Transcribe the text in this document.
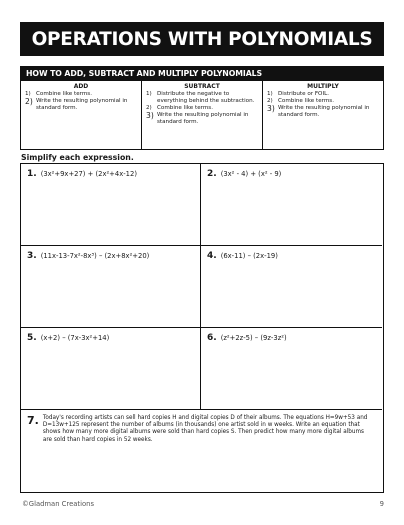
OPERATIONS WITH POLYNOMIALS
HOW TO ADD, SUBTRACT AND MULTIPLY POLYNOMIALS
ADD
1) Combine like terms.
2) Write the resulting polynomial in standard form.
SUBTRACT
1) Distribute the negative to everything behind the subtraction.
2) Combine like terms.
3) Write the resulting polynomial in standard form.
MULTIPLY
1) Distribute or FOIL.
2) Combine like terms.
3) Write the resulting polynomial in standard form.
Simplify each expression.
1. (3x²+9x+27) + (2x²+4x-12)	2. (3x² - 4) + (x² - 9)
3. (11x-13-7x²-8x³) – (2x+8x²+20)	4. (6x-11) – (2x-19)
5. (x+2) – (7x-3x²+14)	6. (z²+2z-5) – (9z-3z²)
7. Today's recording artists can sell hard copies H and digital copies D of their albums. The equations H=9w+53 and D=13w+125 represent the number of albums (in thousands) one artist sold in w weeks. Write an equation that shows how many more digital albums were sold than hard copies S. Then predict how many more digital albums are sold than hard copies in 52 weeks.
©Gladman Creations	9
